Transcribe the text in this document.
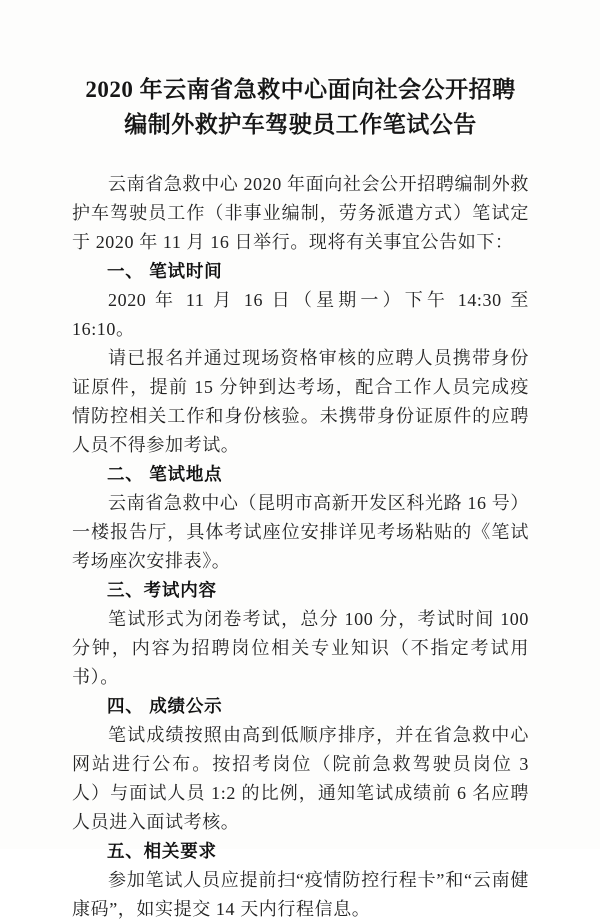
2020 年云南省急救中心面向社会公开招聘
编制外救护车驾驶员工作笔试公告

云南省急救中心 2020 年面向社会公开招聘编制外救护车驾驶员工作（非事业编制，劳务派遣方式）笔试定于 2020 年 11 月 16 日举行。现将有关事宜公告如下：

一、 笔试时间

2020 年 11 月 16 日（星期一）下午 14:30 至 16:10。

请已报名并通过现场资格审核的应聘人员携带身份证原件，提前 15 分钟到达考场，配合工作人员完成疫情防控相关工作和身份核验。未携带身份证原件的应聘人员不得参加考试。

二、 笔试地点

云南省急救中心（昆明市高新开发区科光路 16 号）一楼报告厅，具体考试座位安排详见考场粘贴的《笔试考场座次安排表》。

三、考试内容

笔试形式为闭卷考试，总分 100 分，考试时间 100 分钟，内容为招聘岗位相关专业知识（不指定考试用书）。

四、 成绩公示

笔试成绩按照由高到低顺序排序，并在省急救中心网站进行公布。按招考岗位（院前急救驾驶员岗位 3 人）与面试人员 1:2 的比例，通知笔试成绩前 6 名应聘人员进入面试考核。

五、相关要求

参加笔试人员应提前扫“疫情防控行程卡”和“云南健康码”，如实提交 14 天内行程信息。
